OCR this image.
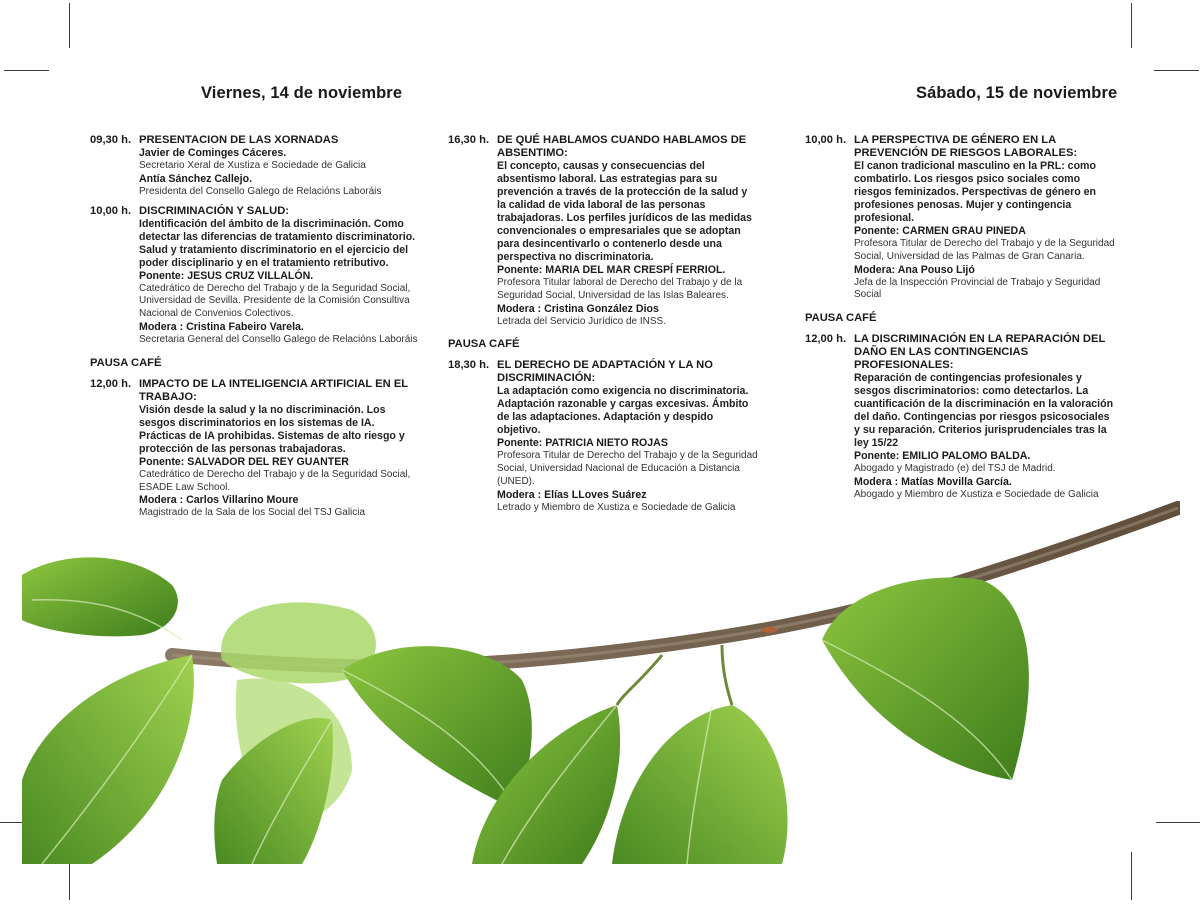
Viernes, 14 de noviembre	Sábado, 15 de noviembre
09,30 h. PRESENTACION DE LAS XORNADAS
Javier de Cominges Cáceres.
Secretario Xeral de Xustiza e Sociedade de Galicia
Antía Sánchez Callejo.
Presidenta del Consello Galego de Relacións Laboráis
10,00 h. DISCRIMINACIÓN Y SALUD:
Identificación del ámbito de la discriminación. Como detectar las diferencias de tratamiento discriminatorio. Salud y tratamiento discriminatorio en el ejercicio del poder disciplinario y en el tratamiento retributivo.
Ponente: JESUS CRUZ VILLALÓN.
Catedrático de Derecho del Trabajo y de la Seguridad Social, Universidad de Sevilla. Presidente de la Comisión Consultiva Nacional de Convenios Colectivos.
Modera : Cristina Fabeiro Varela.
Secretaria General del Consello Galego de Relacións Laboráis
PAUSA CAFÉ
12,00 h. IMPACTO DE LA INTELIGENCIA ARTIFICIAL EN EL TRABAJO:
Visión desde la salud y la no discriminación. Los sesgos discriminatorios en los sistemas de IA. Prácticas de IA prohibidas. Sistemas de alto riesgo y protección de las personas trabajadoras.
Ponente: SALVADOR DEL REY GUANTER
Catedrático de Derecho del Trabajo y de la Seguridad Social, ESADE Law School.
Modera : Carlos Villarino Moure
Magistrado de la Sala de los Social del TSJ Galicia
16,30 h. DE QUÉ HABLAMOS CUANDO HABLAMOS DE ABSENTIMO:
El concepto, causas y consecuencias del absentismo laboral. Las estrategias para su prevención a través de la protección de la salud y la calidad de vida laboral de las personas trabajadoras. Los perfiles jurídicos de las medidas convencionales o empresariales que se adoptan para desincentivarlo o contenerlo desde una perspectiva no discriminatoria.
Ponente: MARIA DEL MAR CRESPÍ FERRIOL.
Profesora Titular laboral de Derecho del Trabajo y de la Seguridad Social, Universidad de las Islas Baleares.
Modera : Cristina González Dios
Letrada del Servicio Jurídico de INSS.
PAUSA CAFÉ
18,30 h. EL DERECHO DE ADAPTACIÓN Y LA NO DISCRIMINACIÓN:
La adaptación como exigencia no discriminatoria. Adaptación razonable y cargas excesivas. Ámbito de las adaptaciones. Adaptación y despido objetivo.
Ponente: PATRICIA NIETO ROJAS
Profesora Titular de Derecho del Trabajo y de la Seguridad Social, Universidad Nacional de Educación a Distancia (UNED).
Modera : Elías LLoves Suárez
Letrado y Miembro de Xustiza e Sociedade de Galicia
10,00 h. LA PERSPECTIVA DE GÉNERO EN LA PREVENCIÓN DE RIESGOS LABORALES:
El canon tradicional masculino en la PRL: como combatirlo. Los riesgos psico sociales como riesgos feminizados. Perspectivas de género en profesiones penosas. Mujer y contingencia profesional.
Ponente: CARMEN GRAU PINEDA
Profesora Titular de Derecho del Trabajo y de la Seguridad Social, Universidad de las Palmas de Gran Canaria.
Modera: Ana Pouso Lijó
Jefa de la Inspección Provincial de Trabajo y Seguridad Social
PAUSA CAFÉ
12,00 h. LA DISCRIMINACIÓN EN LA REPARACIÓN DEL DAÑO EN LAS CONTINGENCIAS PROFESIONALES:
Reparación de contingencias profesionales y sesgos discriminatorios: como detectarlos. La cuantificación de la discriminación en la valoración del daño. Contingencias por riesgos psicosociales y su reparación. Criterios jurisprudenciales tras la ley 15/22
Ponente: EMILIO PALOMO BALDA.
Abogado y Magistrado (e) del TSJ de Madrid.
Modera : Matías Movilla García.
Abogado y Miembro de Xustiza e Sociedade de Galicia
